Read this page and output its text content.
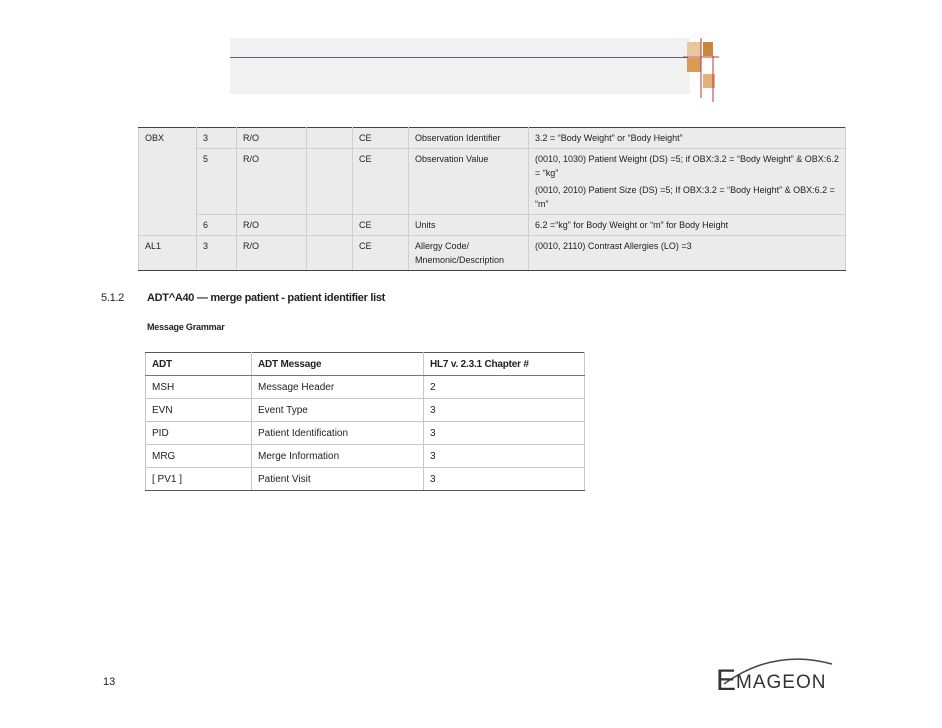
OBX	3	R/O		CE	Observation Identifier	3.2 = “Body Weight” or “Body Height”
	5	R/O		CE	Observation Value	(0010, 1030) Patient Weight (DS) =5; if OBX:3.2 = “Body Weight” & OBX:6.2 = “kg”
(0010, 2010) Patient Size (DS) =5; If OBX:3.2 = “Body Height” & OBX:6.2 = “m”

	6	R/O		CE	Units	6.2 =“kg” for Body Weight or “m” for Body Height
AL1	3	R/O		CE	Allergy Code/ Mnemonic/Description	(0010, 2110) Contrast Allergies (LO) =3
5.1.2 ADT^A40 — merge patient - patient identifier list
Message Grammar
ADT	ADT Message	HL7 v. 2.3.1 Chapter #
MSH	Message Header	2
EVN	Event Type	3
PID	Patient Identification	3
MRG	Merge Information	3
[ PV1 ]	Patient Visit	3
13	E MAGEON
